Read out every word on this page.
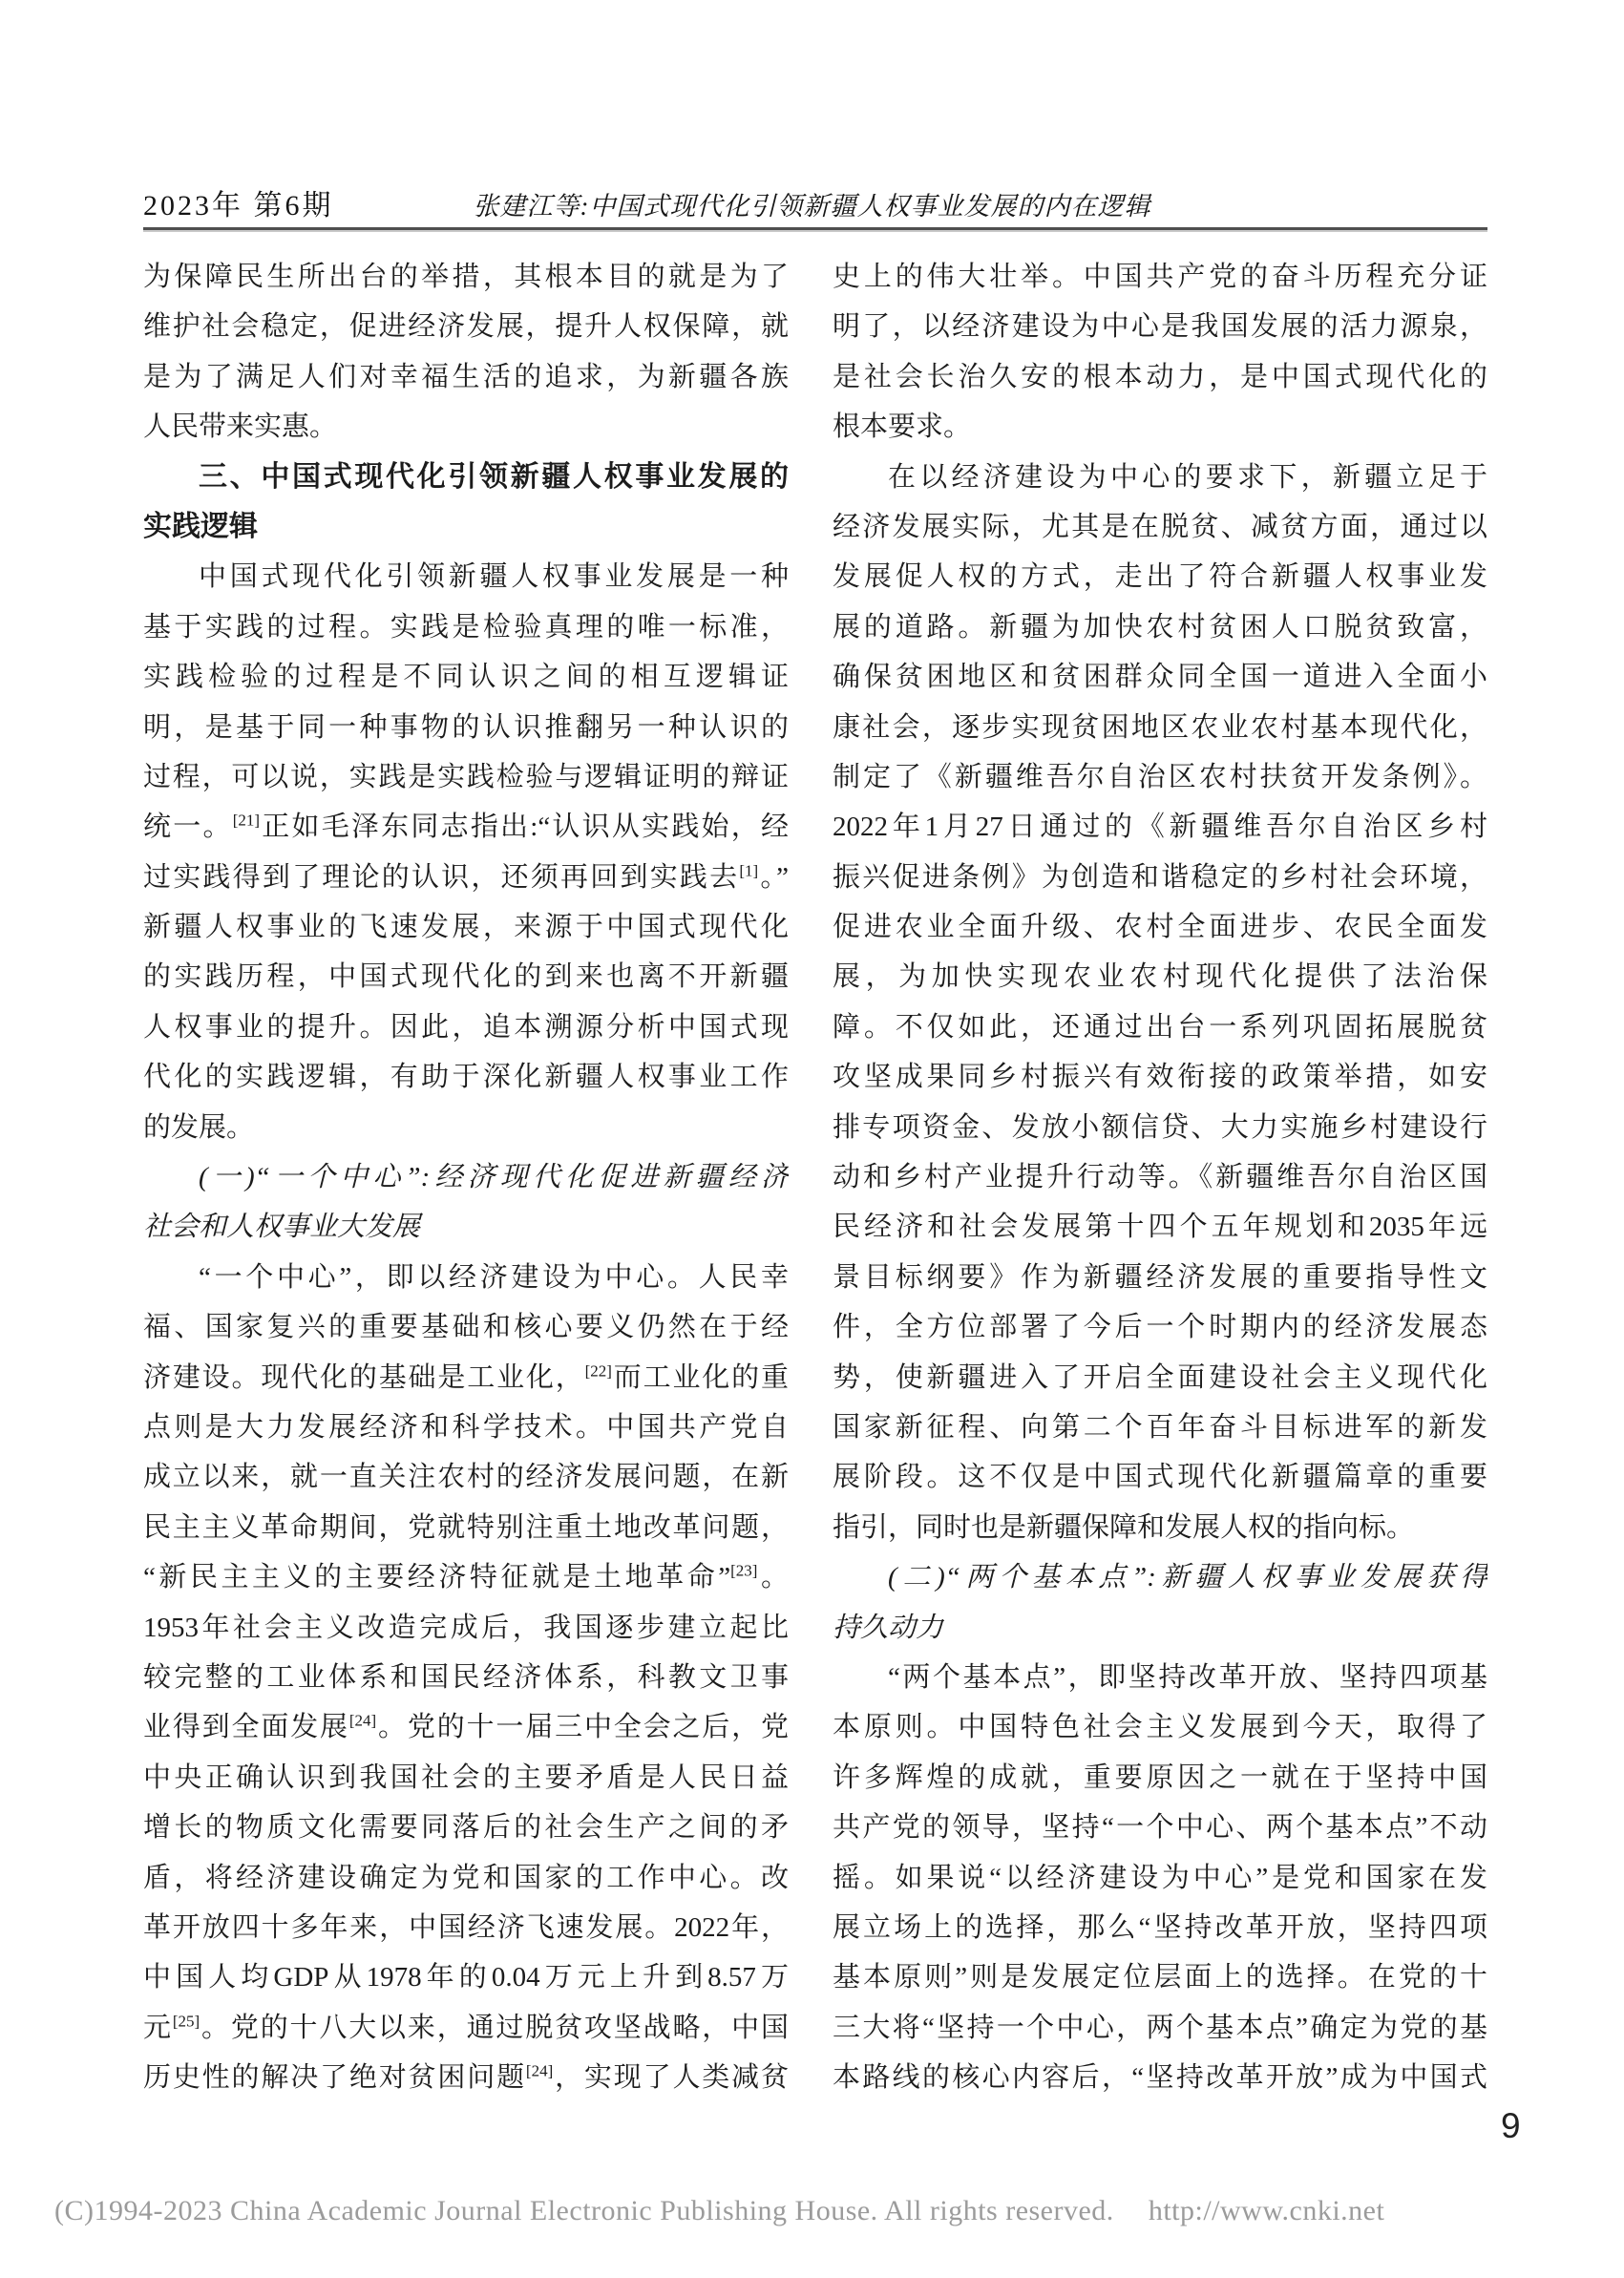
2023年 第6期	张建江等:中国式现代化引领新疆人权事业发展的内在逻辑
为保障民生所出台的举措，其根本目的就是为了
维护社会稳定，促进经济发展，提升人权保障，就
是为了满足人们对幸福生活的追求，为新疆各族
人民带来实惠。
三、中国式现代化引领新疆人权事业发展的
实践逻辑
中国式现代化引领新疆人权事业发展是一种
基于实践的过程。实践是检验真理的唯一标准，
实践检验的过程是不同认识之间的相互逻辑证
明，是基于同一种事物的认识推翻另一种认识的
过程，可以说，实践是实践检验与逻辑证明的辩证
统一。[21]正如毛泽东同志指出:“认识从实践始，经
过实践得到了理论的认识，还须再回到实践去[1]。”
新疆人权事业的飞速发展，来源于中国式现代化
的实践历程，中国式现代化的到来也离不开新疆
人权事业的提升。因此，追本溯源分析中国式现
代化的实践逻辑，有助于深化新疆人权事业工作
的发展。
(一)“一个中心”:经济现代化促进新疆经济
社会和人权事业大发展
“一个中心”，即以经济建设为中心。人民幸
福、国家复兴的重要基础和核心要义仍然在于经
济建设。现代化的基础是工业化，[22]而工业化的重
点则是大力发展经济和科学技术。中国共产党自
成立以来，就一直关注农村的经济发展问题，在新
民主主义革命期间，党就特别注重土地改革问题，
“新民主主义的主要经济特征就是土地革命”[23]。
1953年社会主义改造完成后，我国逐步建立起比
较完整的工业体系和国民经济体系，科教文卫事
业得到全面发展[24]。党的十一届三中全会之后，党
中央正确认识到我国社会的主要矛盾是人民日益
增长的物质文化需要同落后的社会生产之间的矛
盾，将经济建设确定为党和国家的工作中心。改
革开放四十多年来，中国经济飞速发展。2022年，
中国人均GDP从1978年的0.04万元上升到8.57万
元[25]。党的十八大以来，通过脱贫攻坚战略，中国
历史性的解决了绝对贫困问题[24]，实现了人类减贫
史上的伟大壮举。中国共产党的奋斗历程充分证
明了，以经济建设为中心是我国发展的活力源泉，
是社会长治久安的根本动力，是中国式现代化的
根本要求。
在以经济建设为中心的要求下，新疆立足于
经济发展实际，尤其是在脱贫、减贫方面，通过以
发展促人权的方式，走出了符合新疆人权事业发
展的道路。新疆为加快农村贫困人口脱贫致富，
确保贫困地区和贫困群众同全国一道进入全面小
康社会，逐步实现贫困地区农业农村基本现代化，
制定了《新疆维吾尔自治区农村扶贫开发条例》。
2022年1月27日通过的《新疆维吾尔自治区乡村
振兴促进条例》为创造和谐稳定的乡村社会环境，
促进农业全面升级、农村全面进步、农民全面发
展，为加快实现农业农村现代化提供了法治保
障。不仅如此，还通过出台一系列巩固拓展脱贫
攻坚成果同乡村振兴有效衔接的政策举措，如安
排专项资金、发放小额信贷、大力实施乡村建设行
动和乡村产业提升行动等。《新疆维吾尔自治区国
民经济和社会发展第十四个五年规划和2035年远
景目标纲要》作为新疆经济发展的重要指导性文
件，全方位部署了今后一个时期内的经济发展态
势，使新疆进入了开启全面建设社会主义现代化
国家新征程、向第二个百年奋斗目标进军的新发
展阶段。这不仅是中国式现代化新疆篇章的重要
指引，同时也是新疆保障和发展人权的指向标。
(二)“两个基本点”:新疆人权事业发展获得
持久动力
“两个基本点”，即坚持改革开放、坚持四项基
本原则。中国特色社会主义发展到今天，取得了
许多辉煌的成就，重要原因之一就在于坚持中国
共产党的领导，坚持“一个中心、两个基本点”不动
摇。如果说“以经济建设为中心”是党和国家在发
展立场上的选择，那么“坚持改革开放，坚持四项
基本原则”则是发展定位层面上的选择。在党的十
三大将“坚持一个中心，两个基本点”确定为党的基
本路线的核心内容后，“坚持改革开放”成为中国式
9
(C)1994-2023 China Academic Journal Electronic Publishing House. All rights reserved. http://www.cnki.net
